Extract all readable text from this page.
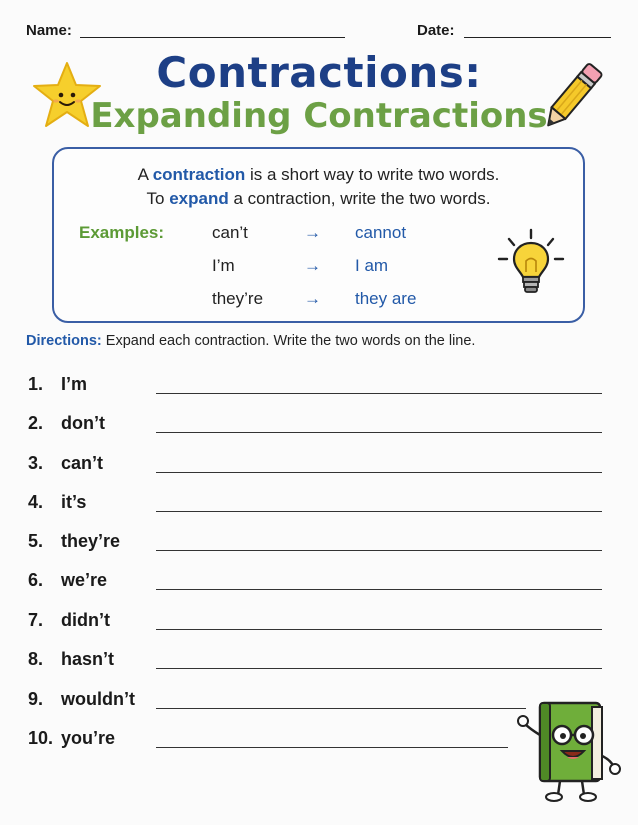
Name:	Date:
Contractions:
Expanding Contractions
A contraction is a short way to write two words.
To expand a contraction, write the two words.
Examples:	can’t	→ cannot
I’m	→ I am
they’re → they are
Directions: Expand each contraction. Write the two words on the line.
1. I’m
2. don’t
3. can’t
4. it’s
5. they’re
6. we’re
7. didn’t
8. hasn’t
9. wouldn’t
10. you’re
